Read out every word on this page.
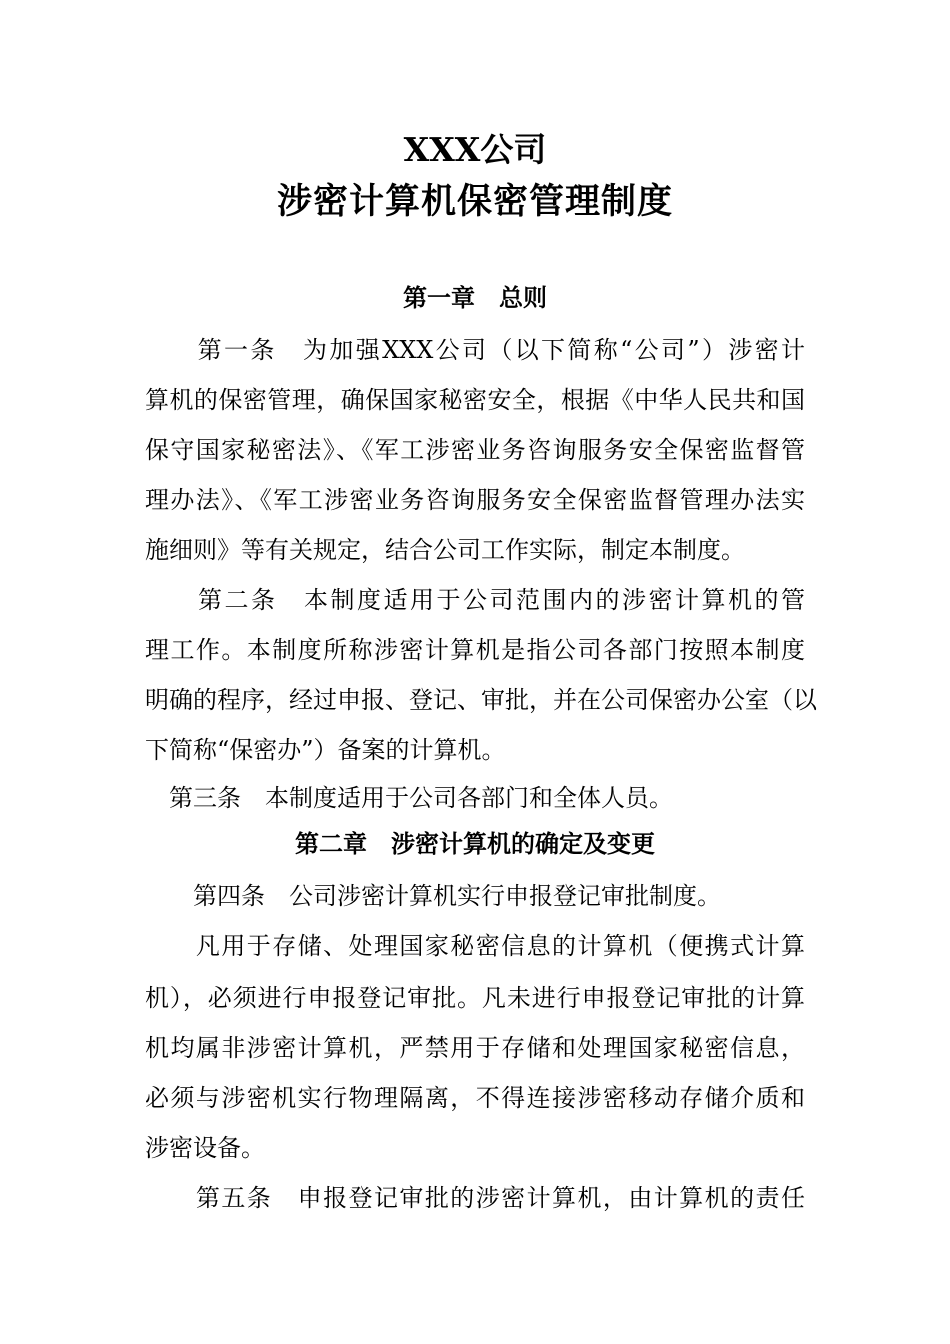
XXX公司
涉密计算机保密管理制度
第一章　总则
　　第一条　为加强XXX公司（以下简称“公司”）涉密计
算机的保密管理，确保国家秘密安全，根据《中华人民共和国
保守国家秘密法》、《军工涉密业务咨询服务安全保密监督管
理办法》、《军工涉密业务咨询服务安全保密监督管理办法实
施细则》等有关规定，结合公司工作实际，制定本制度。
　　第二条　本制度适用于公司范围内的涉密计算机的管
理工作。本制度所称涉密计算机是指公司各部门按照本制度
明确的程序，经过申报、登记、审批，并在公司保密办公室（以
下简称“保密办”）备案的计算机。
　第三条　本制度适用于公司各部门和全体人员。
第二章　涉密计算机的确定及变更
　　第四条　公司涉密计算机实行申报登记审批制度。
　　凡用于存储、处理国家秘密信息的计算机（便携式计算
机），必须进行申报登记审批。凡未进行申报登记审批的计算
机均属非涉密计算机，严禁用于存储和处理国家秘密信息，
必须与涉密机实行物理隔离，不得连接涉密移动存储介质和
涉密设备。
　　第五条　申报登记审批的涉密计算机，由计算机的责任
